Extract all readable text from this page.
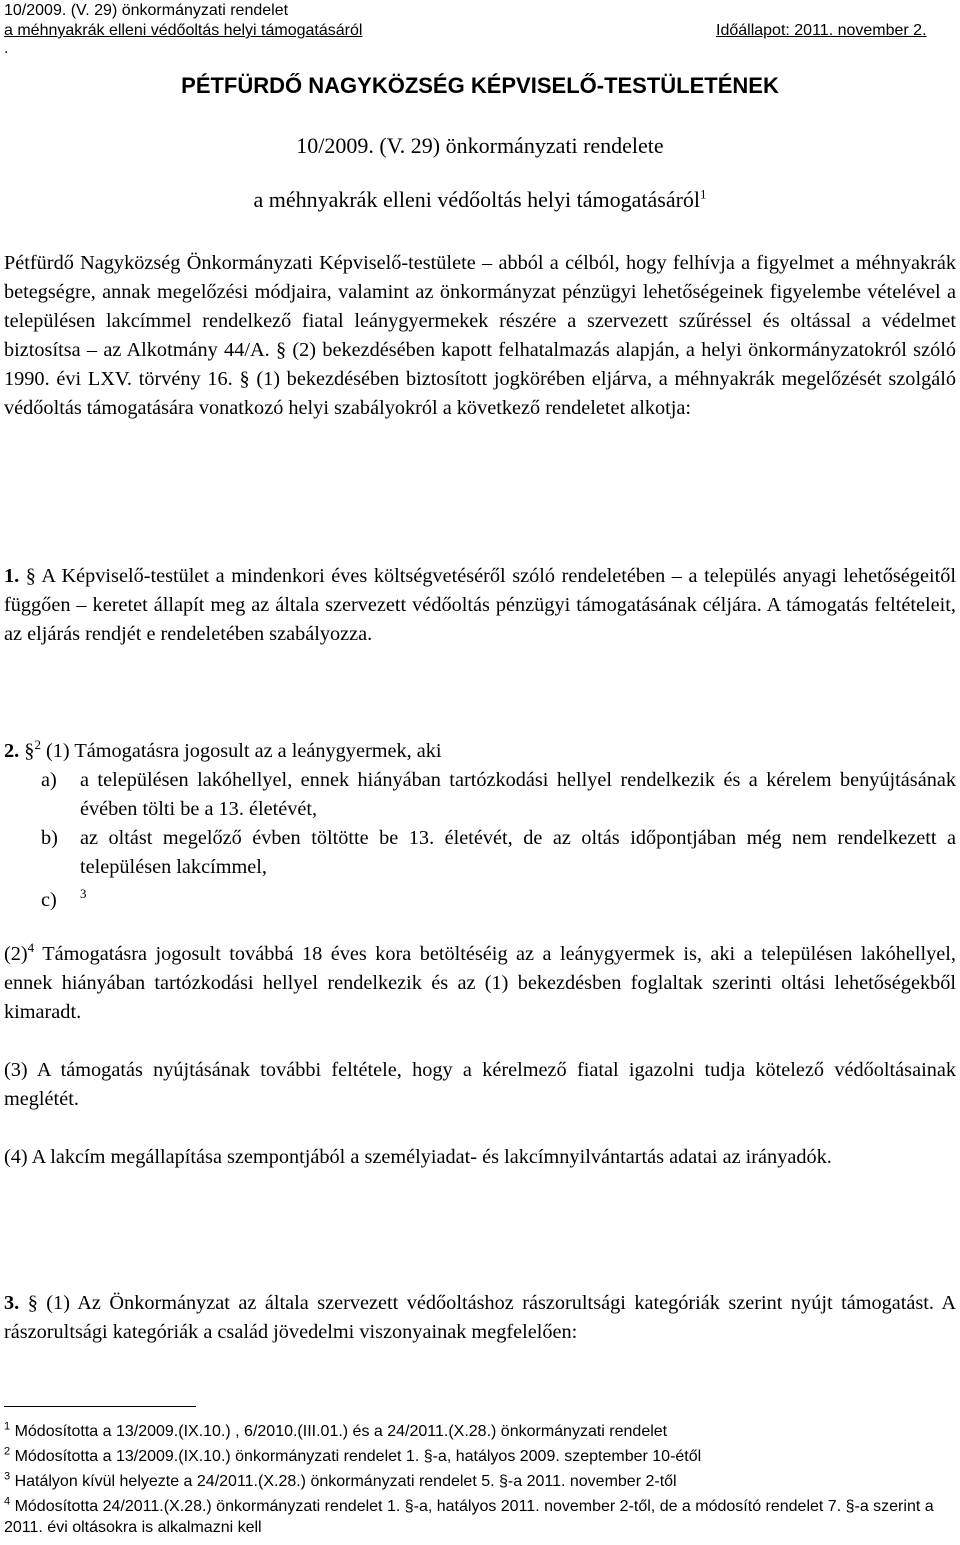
10/2009. (V. 29) önkormányzati rendelet
a méhnyakrák elleni védőoltás helyi támogatásáról	Időállapot: 2011. november 2.
.
PÉTFÜRDŐ NAGYKÖZSÉG KÉPVISELŐ-TESTÜLETÉNEK
10/2009. (V. 29) önkormányzati rendelete
a méhnyakrák elleni védőoltás helyi támogatásáról$^1$

Pétfürdő Nagyközség Önkormányzati Képviselő-testülete – abból a célból, hogy felhívja a figyelmet a méhnyakrák betegségre, annak megelőzési módjaira, valamint az önkormányzat pénzügyi lehetőségeinek figyelembe vételével a településen lakcímmel rendelkező fiatal leánygyermekek részére a szervezett szűréssel és oltással a védelmet biztosítsa – az Alkotmány 44/A. § (2) bekezdésében kapott felhatalmazás alapján, a helyi önkormányzatokról szóló 1990. évi LXV. törvény 16. § (1) bekezdésében biztosított jogkörében eljárva, a méhnyakrák megelőzését szolgáló védőoltás támogatására vonatkozó helyi szabályokról a következő rendeletet alkotja:

1. § A Képviselő-testület a mindenkori éves költségvetéséről szóló rendeletében – a település anyagi lehetőségeitől függően – keretet állapít meg az általa szervezett védőoltás pénzügyi támogatásának céljára. A támogatás feltételeit, az eljárás rendjét e rendeletében szabályozza.

2. §$^2$ (1) Támogatásra jogosult az a leánygyermek, aki

a) a településen lakóhellyel, ennek hiányában tartózkodási hellyel rendelkezik és a kérelem benyújtásának évében tölti be a 13. életévét,
b) az oltást megelőző évben töltötte be 13. életévét, de az oltás időpontjában még nem rendelkezett a településen lakcímmel,
c) $^3$

$(2)^4$ Támogatásra jogosult továbbá 18 éves kora betöltéséig az a leánygyermek is, aki a településen lakóhellyel, ennek hiányában tartózkodási hellyel rendelkezik és az (1) bekezdésben foglaltak szerinti oltási lehetőségekből kimaradt.

(3) A támogatás nyújtásának további feltétele, hogy a kérelmező fiatal igazolni tudja kötelező védőoltásainak meglétét.

(4) A lakcím megállapítása szempontjából a személyiadat- és lakcímnyilvántartás adatai az irányadók.

3. § (1) Az Önkormányzat az általa szervezett védőoltáshoz rászorultsági kategóriák szerint nyújt támogatást. A rászorultsági kategóriák a család jövedelmi viszonyainak megfelelően:

$^1$ Módosította a 13/2009.(IX.10.) , 6/2010.(III.01.) és a 24/2011.(X.28.) önkormányzati rendelet
$^2$ Módosította a 13/2009.(IX.10.) önkormányzati rendelet 1. §-a, hatályos 2009. szeptember 10-étől
$^3$ Hatályon kívül helyezte a 24/2011.(X.28.) önkormányzati rendelet 5. §-a 2011. november 2-től
$^4$ Módosította 24/2011.(X.28.) önkormányzati rendelet 1. §-a, hatályos 2011. november 2-től, de a módosító rendelet 7. §-a szerint a 2011. évi oltásokra is alkalmazni kell
